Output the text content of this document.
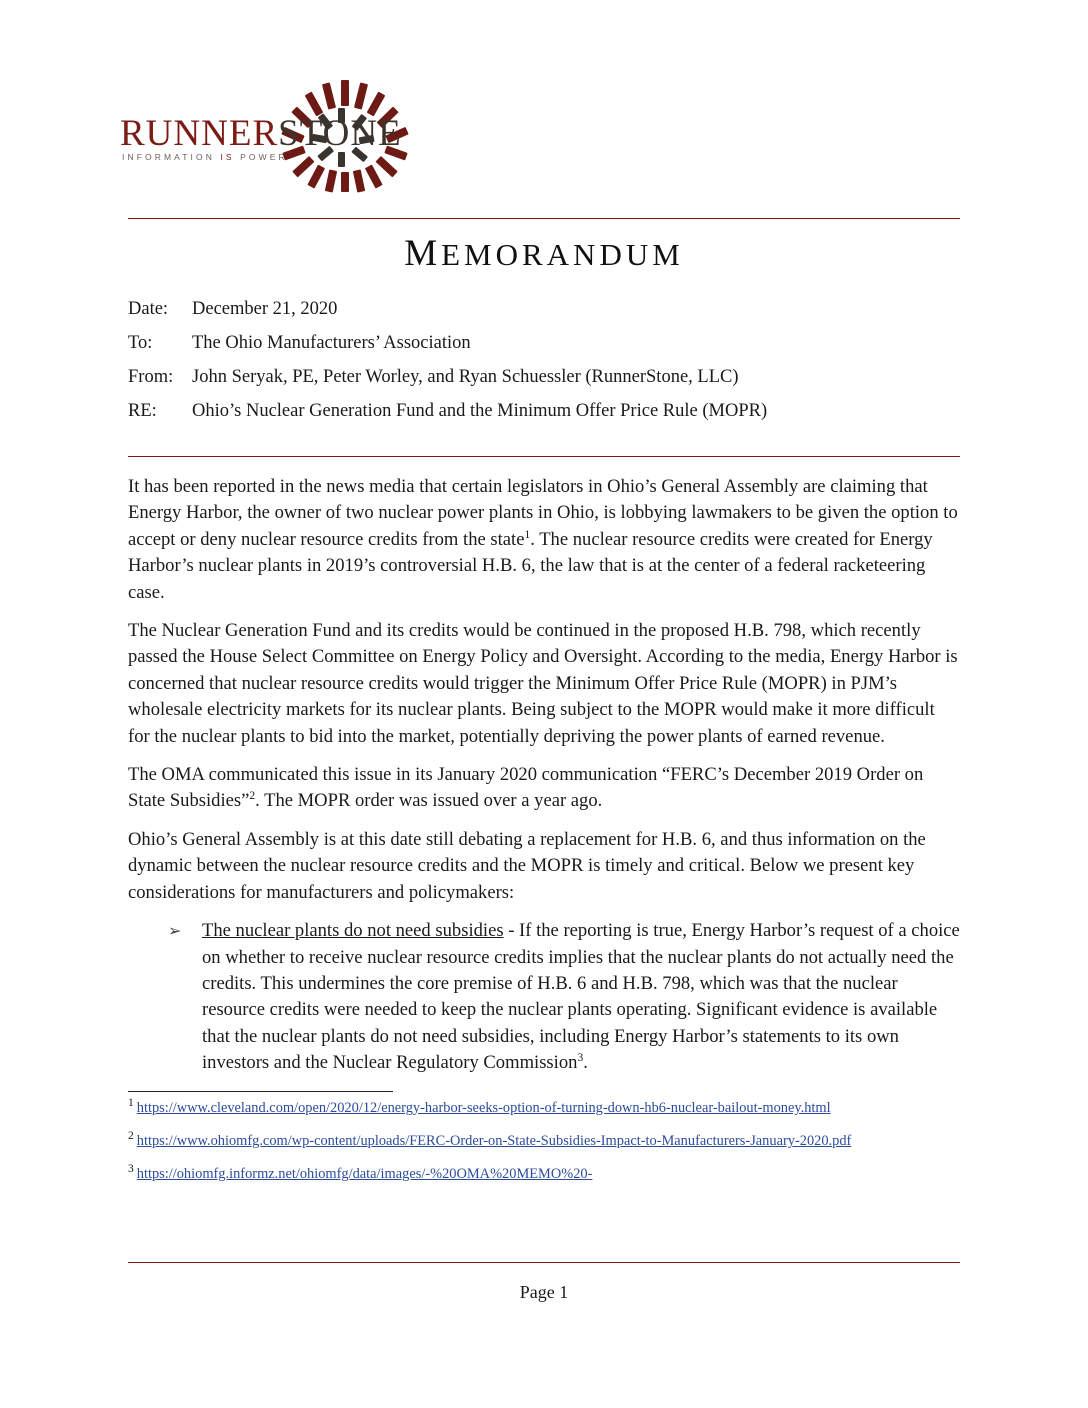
RUNNERSTONE
INFORMATION IS POWER
MEMORANDUM
Date:	December 21, 2020
To:	The Ohio Manufacturers’ Association
From:	John Seryak, PE, Peter Worley, and Ryan Schuessler (RunnerStone, LLC)
RE:	Ohio’s Nuclear Generation Fund and the Minimum Offer Price Rule (MOPR)

It has been reported in the news media that certain legislators in Ohio’s General Assembly are claiming that Energy Harbor, the owner of two nuclear power plants in Ohio, is lobbying lawmakers to be given the option to accept or deny nuclear resource credits from the state$^1$. The nuclear resource credits were created for Energy Harbor’s nuclear plants in 2019’s controversial H.B. 6, the law that is at the center of a federal racketeering case.

The Nuclear Generation Fund and its credits would be continued in the proposed H.B. 798, which recently passed the House Select Committee on Energy Policy and Oversight. According to the media, Energy Harbor is concerned that nuclear resource credits would trigger the Minimum Offer Price Rule (MOPR) in PJM’s wholesale electricity markets for its nuclear plants. Being subject to the MOPR would make it more difficult for the nuclear plants to bid into the market, potentially depriving the power plants of earned revenue.

The OMA communicated this issue in its January 2020 communication “FERC’s December 2019 Order on State Subsidies”$^2$. The MOPR order was issued over a year ago.

Ohio’s General Assembly is at this date still debating a replacement for H.B. 6, and thus information on the dynamic between the nuclear resource credits and the MOPR is timely and critical. Below we present key considerations for manufacturers and policymakers:

➢	The nuclear plants do not need subsidies - If the reporting is true, Energy Harbor’s request of a choice on whether to receive nuclear resource credits implies that the nuclear plants do not actually need the credits. This undermines the core premise of H.B. 6 and H.B. 798, which was that the nuclear resource credits were needed to keep the nuclear plants operating. Significant evidence is available that the nuclear plants do not need subsidies, including Energy Harbor’s statements to its own investors and the Nuclear Regulatory Commission$^3$.
$^1$ https://www.cleveland.com/open/2020/12/energy-harbor-seeks-option-of-turning-down-hb6-nuclear-bailout-money.html
$^2$ https://www.ohiomfg.com/wp-content/uploads/FERC-Order-on-State-Subsidies-Impact-to-Manufacturers-January-2020.pdf
$^3$ https://ohiomfg.informz.net/ohiomfg/data/images/-%20OMA%20MEMO%20-
Page 1
